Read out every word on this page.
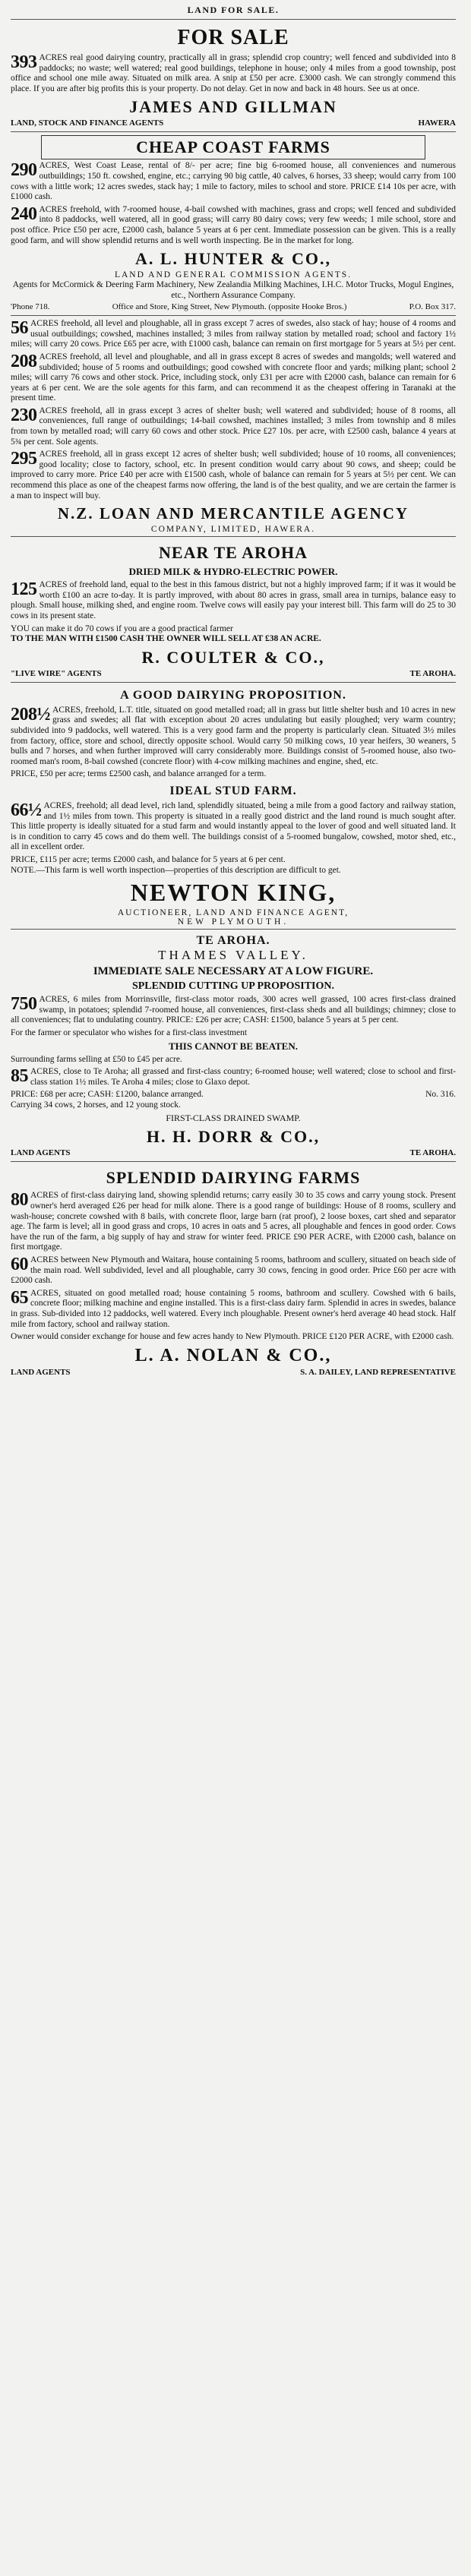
LAND FOR SALE.
FOR SALE
393 ACRES real good dairying country, practically all in grass; splendid crop country; well fenced and subdivided into 8 paddocks; no waste; well watered; real good buildings, telephone in house; only 4 miles from a good township, post office and school one mile away. Situated on milk area. A snip at £50 per acre. £3000 cash. We can strongly commend this place. If you are after big profits this is your property. Do not delay. Get in now and back in 48 hours. See us at once.
JAMES AND GILLMAN
LAND, STOCK AND FINANCE AGENTS	HAWERA
CHEAP COAST FARMS
290 ACRES, West Coast Lease, rental of 8/- per acre; fine big 6-roomed house, all conveniences and numerous outbuildings; 150 ft. cowshed, engine, etc.; carrying 90 big cattle, 40 calves, 6 horses, 33 sheep; would carry from 100 cows with a little work; 12 acres swedes, stack hay; 1 mile to factory, miles to school and store. PRICE £14 10s per acre, with £1000 cash.
240 ACRES freehold, with 7-roomed house, 4-bail cowshed with machines, grass and crops; well fenced and subdivided into 8 paddocks, well watered, all in good grass; will carry 80 dairy cows; very few weeds; 1 mile school, store and post office. Price £50 per acre, £2000 cash, balance 5 years at 6 per cent. Immediate possession can be given. This is a really good farm, and will show splendid returns and is well worth inspecting. Be in the market for long.
A. L. HUNTER & CO.,
LAND AND GENERAL COMMISSION AGENTS.
Agents for McCormick & Deering Farm Machinery, New Zealandia Milking Machines, I.H.C. Motor Trucks, Mogul Engines, etc., Northern Assurance Company.
'Phone 718.	Office and Store, King Street, New Plymouth. (opposite Hooke Bros.)	P.O. Box 317.
56 ACRES freehold, all level and ploughable, all in grass except 7 acres of swedes, also stack of hay; house of 4 rooms and usual outbuildings; cowshed, machines installed; 3 miles from railway station by metalled road; school and factory 1½ miles; will carry 20 cows. Price £65 per acre, with £1000 cash, balance can remain on first mortgage for 5 years at 5½ per cent.
208 ACRES freehold, all level and ploughable, and all in grass except 8 acres of swedes and mangolds; well watered and subdivided; house of 5 rooms and outbuildings; good cowshed with concrete floor and yards; milking plant; school 2 miles; will carry 76 cows and other stock. Price, including stock, only £31 per acre with £2000 cash, balance can remain for 6 years at 6 per cent. We are the sole agents for this farm, and can recommend it as the cheapest offering in Taranaki at the present time.
230 ACRES freehold, all in grass except 3 acres of shelter bush; well watered and subdivided; house of 8 rooms, all conveniences, full range of outbuildings; 14-bail cowshed, machines installed; 3 miles from township and 8 miles from town by metalled road; will carry 60 cows and other stock. Price £27 10s. per acre, with £2500 cash, balance 4 years at 5¾ per cent. Sole agents.
295 ACRES freehold, all in grass except 12 acres of shelter bush; well subdivided; house of 10 rooms, all conveniences; good locality; close to factory, school, etc. In present condition would carry about 90 cows, and sheep; could be improved to carry more. Price £40 per acre with £1500 cash, whole of balance can remain for 5 years at 5½ per cent. We can recommend this place as one of the cheapest farms now offering, the land is of the best quality, and we are certain the farmer is a man to inspect will buy.
N.Z. LOAN AND MERCANTILE AGENCY
COMPANY, LIMITED, HAWERA.
NEAR TE AROHA
DRIED MILK & HYDRO-ELECTRIC POWER.
125 ACRES of freehold land, equal to the best in this famous district, but not a highly improved farm; if it was it would be worth £100 an acre to-day. It is partly improved, with about 80 acres in grass, small area in turnips, balance easy to plough. Small house, milking shed, and engine room. Twelve cows will easily pay your interest bill. This farm will do 25 to 30 cows in its present state.
YOU can make it do 70 cows if you are a good practical farmer
TO THE MAN WITH £1500 CASH THE OWNER WILL SELL AT £38 AN ACRE.
R. COULTER & CO.,
"LIVE WIRE" AGENTS	TE AROHA.
A GOOD DAIRYING PROPOSITION.
208½ ACRES, freehold, L.T. title, situated on good metalled road; all in grass but little shelter bush and 10 acres in new grass and swedes; all flat with exception about 20 acres undulating but easily ploughed; very warm country; subdivided into 9 paddocks, well watered. This is a very good farm and the property is particularly clean. Situated 3½ miles from factory, office, store and school, directly opposite school. Would carry 50 milking cows, 10 year heifers, 30 weaners, 5 bulls and 7 horses, and when further improved will carry considerably more. Buildings consist of 5-roomed house, also two-roomed man's room, 8-bail cowshed (concrete floor) with 4-cow milking machines and engine, shed, etc.
PRICE, £50 per acre; terms £2500 cash, and balance arranged for a term.
IDEAL STUD FARM.
66½ ACRES, freehold; all dead level, rich land, splendidly situated, being a mile from a good factory and railway station, and 1½ miles from town. This property is situated in a really good district and the land round is much sought after. This little property is ideally situated for a stud farm and would instantly appeal to the lover of good and well situated land. It is in condition to carry 45 cows and do them well. The buildings consist of a 5-roomed bungalow, cowshed, motor shed, etc., all in excellent order.
PRICE, £115 per acre; terms £2000 cash, and balance for 5 years at 6 per cent.
NOTE.—This farm is well worth inspection—properties of this description are difficult to get.
NEWTON KING,
AUCTIONEER, LAND AND FINANCE AGENT,
NEW PLYMOUTH.
TE AROHA.
THAMES VALLEY.
IMMEDIATE SALE NECESSARY AT A LOW FIGURE.
SPLENDID CUTTING UP PROPOSITION.
750 ACRES, 6 miles from Morrinsville, first-class motor roads, 300 acres well grassed, 100 acres first-class drained swamp, in potatoes; splendid 7-roomed house, all conveniences, first-class sheds and all buildings; chimney; close to all conveniences; flat to undulating country. PRICE: £26 per acre; CASH: £1500, balance 5 years at 5 per cent.
For the farmer or speculator who wishes for a first-class investment
THIS CANNOT BE BEATEN.
Surrounding farms selling at £50 to £45 per acre.
85 ACRES, close to Te Aroha; all grassed and first-class country; 6-roomed house; well watered; close to school and first-class station 1½ miles. Te Aroha 4 miles; close to Glaxo depot.
PRICE: £68 per acre; CASH: £1200, balance arranged.	No. 316.
Carrying 34 cows, 2 horses, and 12 young stock.
FIRST-CLASS DRAINED SWAMP.
H. H. DORR & CO.,
LAND AGENTS	TE AROHA.
SPLENDID DAIRYING FARMS
80 ACRES of first-class dairying land, showing splendid returns; carry easily 30 to 35 cows and carry young stock. Present owner's herd averaged £26 per head for milk alone. There is a good range of buildings: House of 8 rooms, scullery and wash-house; concrete cowshed with 8 bails, with concrete floor, large barn (rat proof), 2 loose boxes, cart shed and separator age. The farm is level; all in good grass and crops, 10 acres in oats and 5 acres, all ploughable and fences in good order. Cows have the run of the farm, a big supply of hay and straw for winter feed. PRICE £90 PER ACRE, with £2000 cash, balance on first mortgage.
60 ACRES between New Plymouth and Waitara, house containing 5 rooms, bathroom and scullery, situated on beach side of the main road. Well subdivided, level and all ploughable, carry 30 cows, fencing in good order. Price £60 per acre with £2000 cash.
65 ACRES, situated on good metalled road; house containing 5 rooms, bathroom and scullery. Cowshed with 6 bails, concrete floor; milking machine and engine installed. This is a first-class dairy farm. Splendid in acres in swedes, balance in grass. Sub-divided into 12 paddocks, well watered. Every inch ploughable. Present owner's herd average 40 head stock. Half mile from factory, school and railway station.
Owner would consider exchange for house and few acres handy to New Plymouth. PRICE £120 PER ACRE, with £2000 cash.
L. A. NOLAN & CO.,
LAND AGENTS	S. A. DAILEY, LAND REPRESENTATIVE
